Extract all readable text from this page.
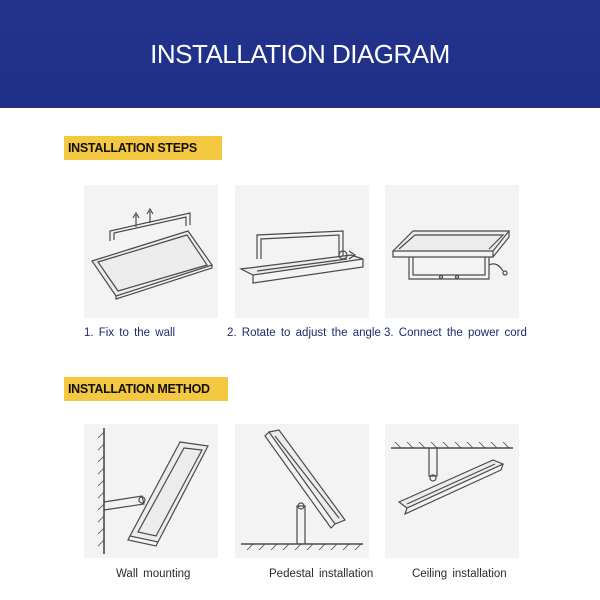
INSTALLATION DIAGRAM
INSTALLATION STEPS
1. Fix to the wall	2. Rotate to adjust the angle 3. Connect the power cord
INSTALLATION METHOD
Wall mounting	Pedestal installation	Ceiling installation
